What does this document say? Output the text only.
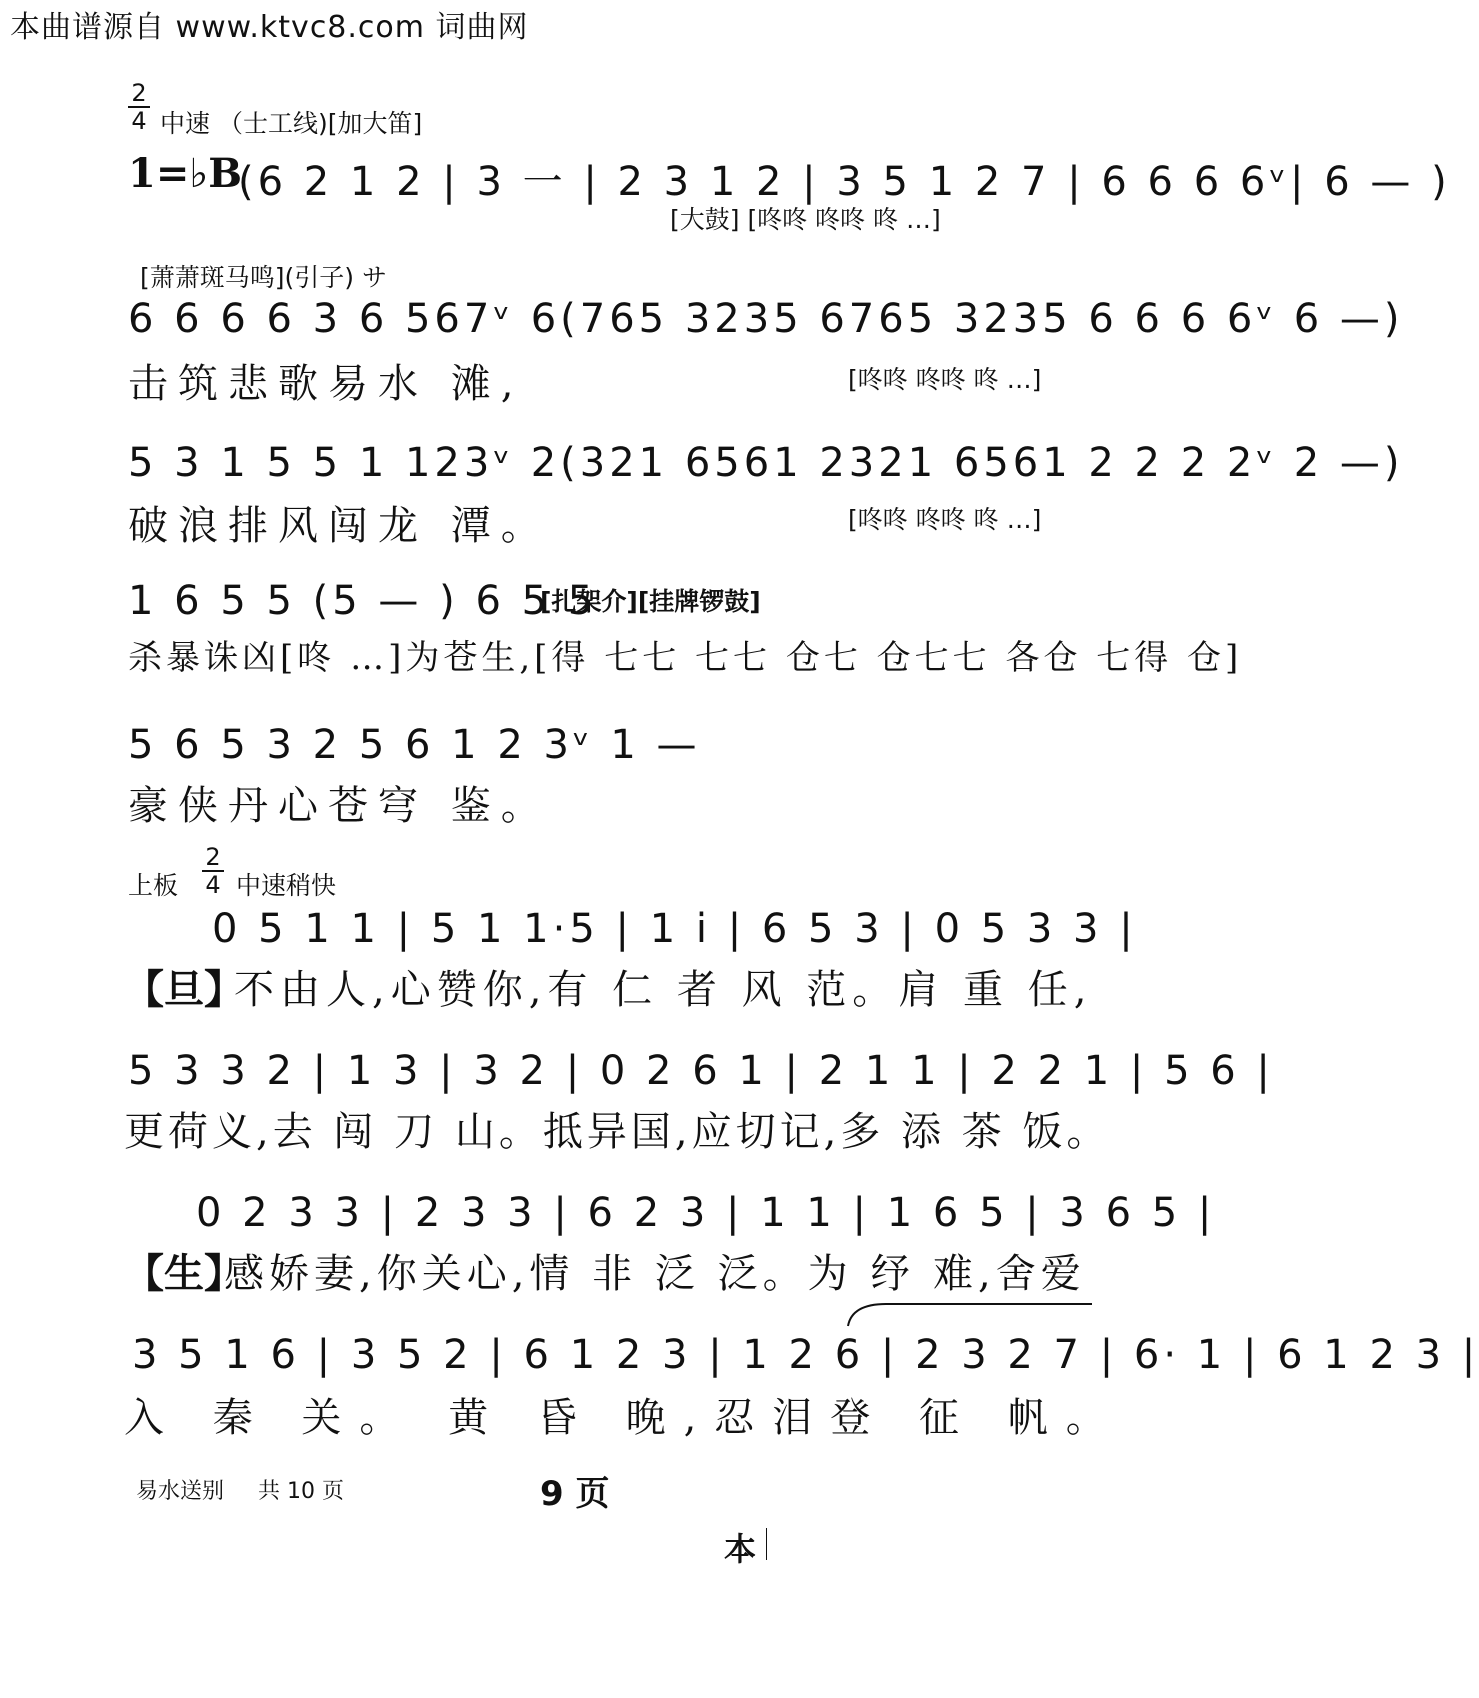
本曲谱源自 www.ktvc8.com 词曲网
$\frac{2}{4}$ 中速 （士工线)[加大笛]
1=♭B
(6 2 1 2 | 3 一 | 2 3 1 2 | 3 5 1 2 7 | 6 6 6 6ᵛ| 6 — )
[大鼓] [咚咚 咚咚 咚 …]
[萧萧斑马鸣](引子) サ
6 6 6 6 3 6 567ᵛ 6(765 3235 6765 3235 6 6 6 6ᵛ 6 —)
击筑悲歌易水 滩,	[咚咚 咚咚 咚 …]
5 3 1 5 5 1 123ᵛ 2(321 6561 2321 6561 2 2 2 2ᵛ 2 —)
破浪排风闯龙 潭。	[咚咚 咚咚 咚 …]
1 6 5 5 (5 — ) 6 5 5
[扎架介][挂牌锣鼓]
杀暴诛凶[咚 …]为苍生,[得 七七 七七 仓七 仓七七 各仓 七得 仓]
5 6 5 3 2 5 6 1 2 3ᵛ 1 —
豪侠丹心苍穹 鉴。
上板 $\frac{2}{4}$ 中速稍快
0 5 1 1 | 5 1 1·5 | 1 i | 6 5 3 | 0 5 3 3 |
【旦】
不由人,心赞你,有 仁 者 风 范。肩 重 任,
5 3 3 2 | 1 3 | 3 2 | 0 2 6 1 | 2 1 1 | 2 2 1 | 5 6 |
更荷义,去 闯 刀 山。抵异国,应切记,多 添 茶 饭。
0 2 3 3 | 2 3 3 | 6 2 3 | 1 1 | 1 6 5 | 3 6 5 |
【生】
感娇妻,你关心,情 非 泛 泛。为 纾 难,舍爱
3 5 1 6 | 3 5 2 | 6 1 2 3 | 1 2 6 | 2 3 2 7 | 6· 1 | 6 1 2 3 |
入 秦 关。 黄 昏 晚,忍泪登 征 帆。
易水送别 共 10 页	9 页
本
